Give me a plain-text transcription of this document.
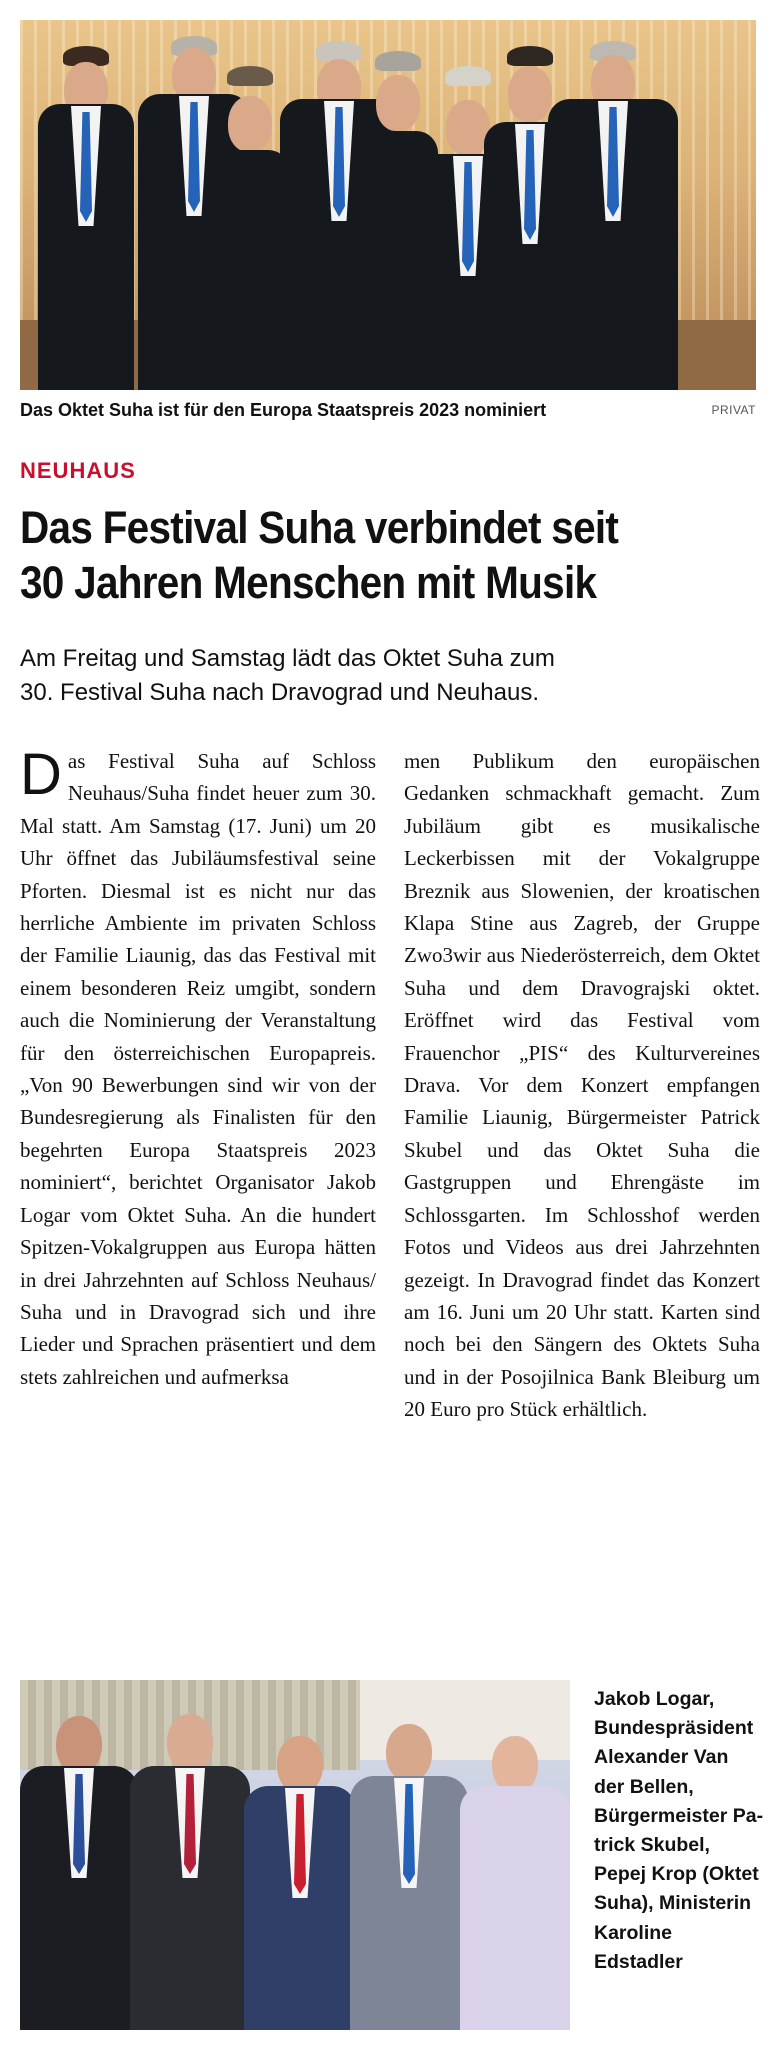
Das Oktet Suha ist für den Europa Staatspreis 2023 nominiert	PRIVAT
NEUHAUS
Das Festival Suha verbindet seit
30 Jahren Menschen mit Musik
Am Freitag und Samstag lädt das Oktet Suha zum
30. Festival Suha nach Dravograd und Neuhaus.
Das Festival Suha auf Schloss Neuhaus/Suha findet heuer zum 30. Mal statt. Am Samstag (17. Juni) um 20 Uhr öffnet das Jubiläumsfestival seine Pforten. Diesmal ist es nicht nur das herrliche Ambiente im privaten Schloss der Familie Liaunig, das das Festival mit einem besonderen Reiz umgibt, sondern auch die Nominierung der Veranstaltung für den österreichischen Europapreis. „Von 90 Bewerbungen sind wir von der Bundesregierung als Finalisten für den begehrten Europa Staatspreis 2023 nominiert“, berichtet Organisator Jakob Logar vom Oktet Suha. An die hundert Spitzen-Vokalgruppen aus Europa hätten in drei Jahrzehnten auf Schloss Neuhaus/ Suha und in Dravograd sich und ihre Lieder und Sprachen präsentiert und dem stets zahlreichen und aufmerksa
men Publikum den europäischen Gedanken schmackhaft gemacht. Zum Jubiläum gibt es musikalische Leckerbissen mit der Vokalgruppe Breznik aus Slowenien, der kroatischen Klapa Stine aus Zagreb, der Gruppe Zwo3wir aus Niederösterreich, dem Oktet Suha und dem Dravograjski oktet. Eröffnet wird das Festival vom Frauenchor „PIS“ des Kulturvereines Drava. Vor dem Konzert empfangen Familie Liaunig, Bürgermeister Patrick Skubel und das Oktet Suha die Gastgruppen und Ehrengäste im Schlossgarten. Im Schlosshof werden Fotos und Videos aus drei Jahrzehnten gezeigt. In Dravograd findet das Konzert am 16. Juni um 20 Uhr statt. Karten sind noch bei den Sängern des Oktets Suha und in der Posojilnica Bank Bleiburg um 20 Euro pro Stück erhältlich.
Jakob Logar, Bundespräsident Alexander Van der Bellen, Bürgermeister Patrick Skubel, Pepej Krop (Oktet Suha), Ministerin Karoline Edstadler
